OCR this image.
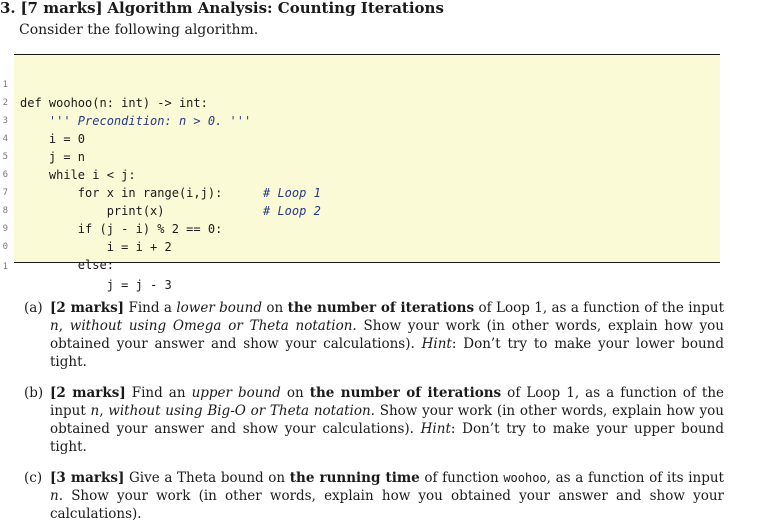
3. [7 marks] Algorithm Analysis: Counting Iterations
Consider the following algorithm.

1

def woohoo(n: int) -> int:

2

''' Precondition: n > 0. '''

3

i = 0

4

j = n

5

while i < j:

# Loop 1

6

for x in range(i,j):

# Loop 2

7

print(x)

8

if (j - i) % 2 == 0:

9

i = i + 2

0

else:

1

j = j - 3

(a) [2 marks] Find a lower bound on the number of iterations of Loop 1, as a function of the input n, without using Omega or Theta notation. Show your work (in other words, explain how you obtained your answer and show your calculations). Hint: Don’t try to make your lower bound tight.
(b) [2 marks] Find an upper bound on the number of iterations of Loop 1, as a function of the input n, without using Big-O or Theta notation. Show your work (in other words, explain how you obtained your answer and show your calculations). Hint: Don’t try to make your upper bound tight.
(c) [3 marks] Give a Theta bound on the running time of function woohoo, as a function of its input n. Show your work (in other words, explain how you obtained your answer and show your calculations).
